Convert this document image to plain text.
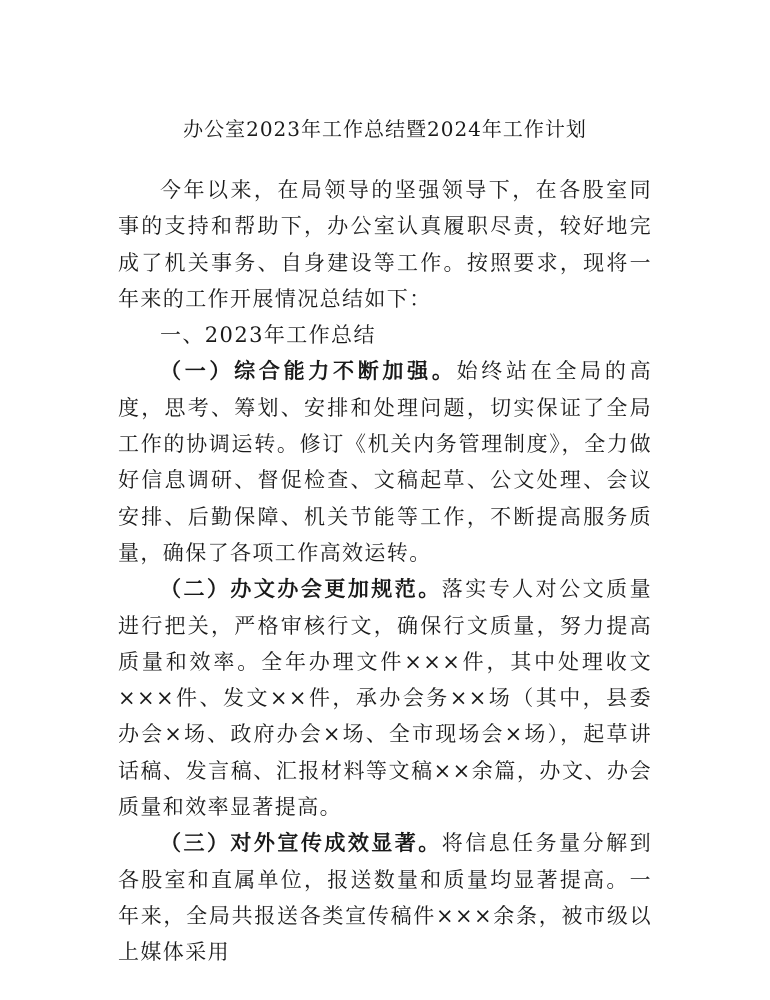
办公室2023年工作总结暨2024年工作计划

今年以来，在局领导的坚强领导下，在各股室同事的支持和帮助下，办公室认真履职尽责，较好地完成了机关事务、自身建设等工作。按照要求，现将一年来的工作开展情况总结如下：

一、2023年工作总结

（一）综合能力不断加强。始终站在全局的高度，思考、筹划、安排和处理问题，切实保证了全局工作的协调运转。修订《机关内务管理制度》，全力做好信息调研、督促检查、文稿起草、公文处理、会议安排、后勤保障、机关节能等工作，不断提高服务质量，确保了各项工作高效运转。

（二）办文办会更加规范。落实专人对公文质量进行把关，严格审核行文，确保行文质量，努力提高质量和效率。全年办理文件×××件，其中处理收文×××件、发文××件，承办会务××场（其中，县委办会×场、政府办会×场、全市现场会×场），起草讲话稿、发言稿、汇报材料等文稿××余篇，办文、办会质量和效率显著提高。

（三）对外宣传成效显著。将信息任务量分解到各股室和直属单位，报送数量和质量均显著提高。一年来，全局共报送各类宣传稿件×××余条，被市级以上媒体采用
